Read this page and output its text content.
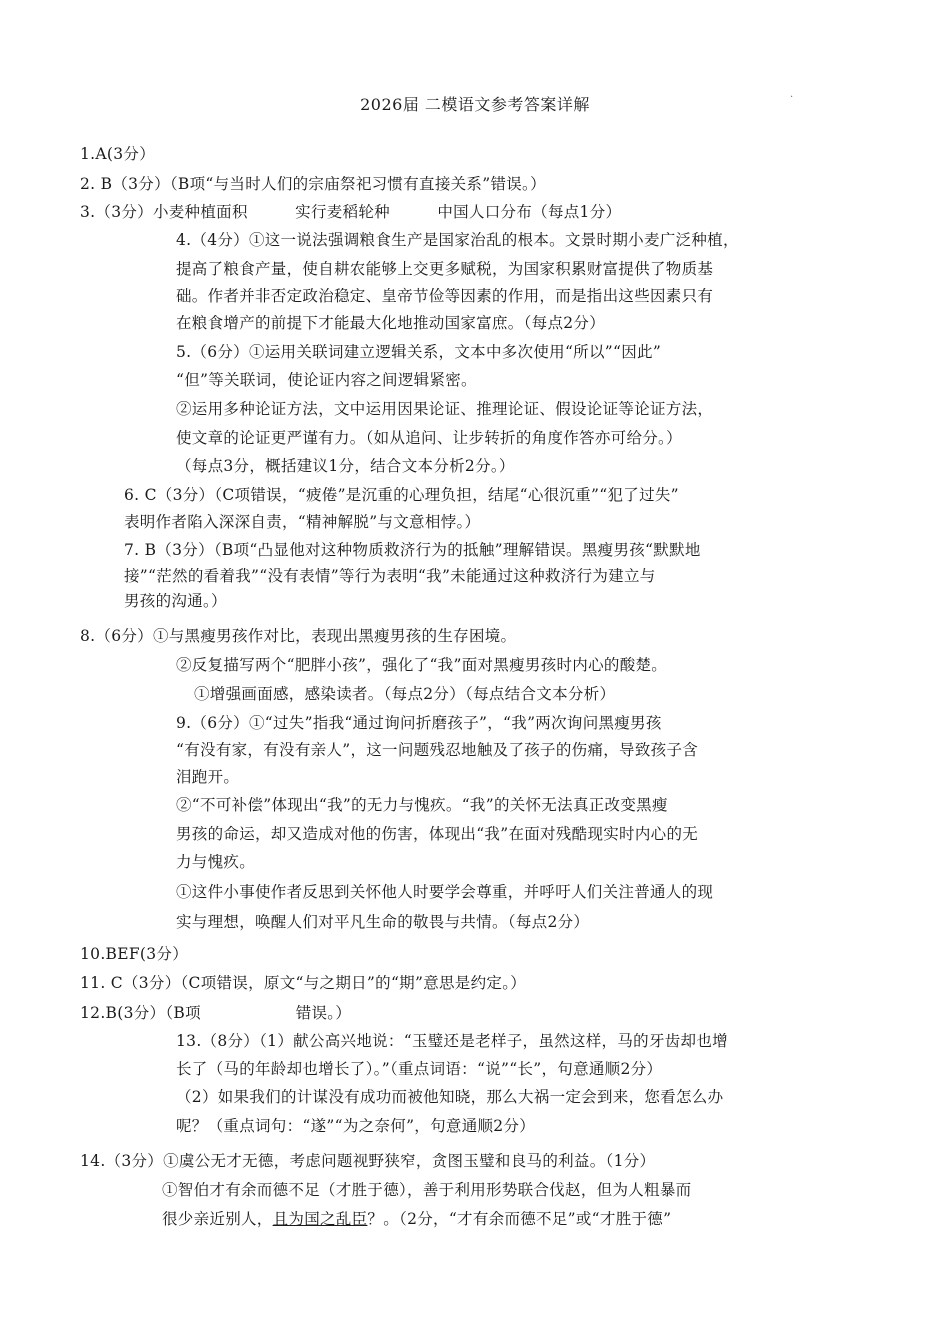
2026届 二模语文参考答案详解	·
1.A(3分）
2. B（3分）（B项“与当时人们的宗庙祭祀习惯有直接关系”错误。）
3.（3分）小麦种植面积　　　实行麦稻轮种　　　中国人口分布（每点1分）
4.（4分）①这一说法强调粮食生产是国家治乱的根本。文景时期小麦广泛种植，
提高了粮食产量，使自耕农能够上交更多赋税，为国家积累财富提供了物质基
础。作者并非否定政治稳定、皇帝节俭等因素的作用，而是指出这些因素只有
在粮食增产的前提下才能最大化地推动国家富庶。（每点2分）
5.（6分）①运用关联词建立逻辑关系，文本中多次使用“所以”“因此”
“但”等关联词，使论证内容之间逻辑紧密。
②运用多种论证方法，文中运用因果论证、推理论证、假设论证等论证方法，
使文章的论证更严谨有力。（如从追问、让步转折的角度作答亦可给分。）
（每点3分，概括建议1分，结合文本分析2分。）
6. C（3分）（C项错误，“疲倦”是沉重的心理负担，结尾“心很沉重”“犯了过失”
表明作者陷入深深自责，“精神解脱”与文意相悖。）
7. B（3分）（B项“凸显他对这种物质救济行为的抵触”理解错误。黑瘦男孩“默默地
接”“茫然的看着我”“没有表情”等行为表明“我”未能通过这种救济行为建立与
男孩的沟通。）
8.（6分）①与黑瘦男孩作对比，表现出黑瘦男孩的生存困境。
②反复描写两个“肥胖小孩”，强化了“我”面对黑瘦男孩时内心的酸楚。
①增强画面感，感染读者。（每点2分）（每点结合文本分析）
9.（6分）①“过失”指我“通过询问折磨孩子”，“我”两次询问黑瘦男孩
“有没有家，有没有亲人”，这一问题残忍地触及了孩子的伤痛，导致孩子含
泪跑开。
②“不可补偿”体现出“我”的无力与愧疚。“我”的关怀无法真正改变黑瘦
男孩的命运，却又造成对他的伤害，体现出“我”在面对残酷现实时内心的无
力与愧疚。
①这件小事使作者反思到关怀他人时要学会尊重，并呼吁人们关注普通人的现
实与理想，唤醒人们对平凡生命的敬畏与共情。（每点2分）
10.BEF(3分）
11. C（3分）（C项错误，原文“与之期日”的“期”意思是约定。）
12.B(3分）（B项　　　　　　错误。）
13.（8分）（1）献公高兴地说：“玉璧还是老样子，虽然这样，马的牙齿却也增
长了（马的年龄却也增长了）。”（重点词语：“说”“长”，句意通顺2分）
（2）如果我们的计谋没有成功而被他知晓，那么大祸一定会到来，您看怎么办
呢？（重点词句：“遂”“为之奈何”，句意通顺2分）
14.（3分）①虞公无才无德，考虑问题视野狭窄，贪图玉璧和良马的利益。（1分）
①智伯才有余而德不足（才胜于德），善于利用形势联合伐赵，但为人粗暴而
很少亲近别人，且为国之乱臣？。（2分，“才有余而德不足”或“才胜于德”
